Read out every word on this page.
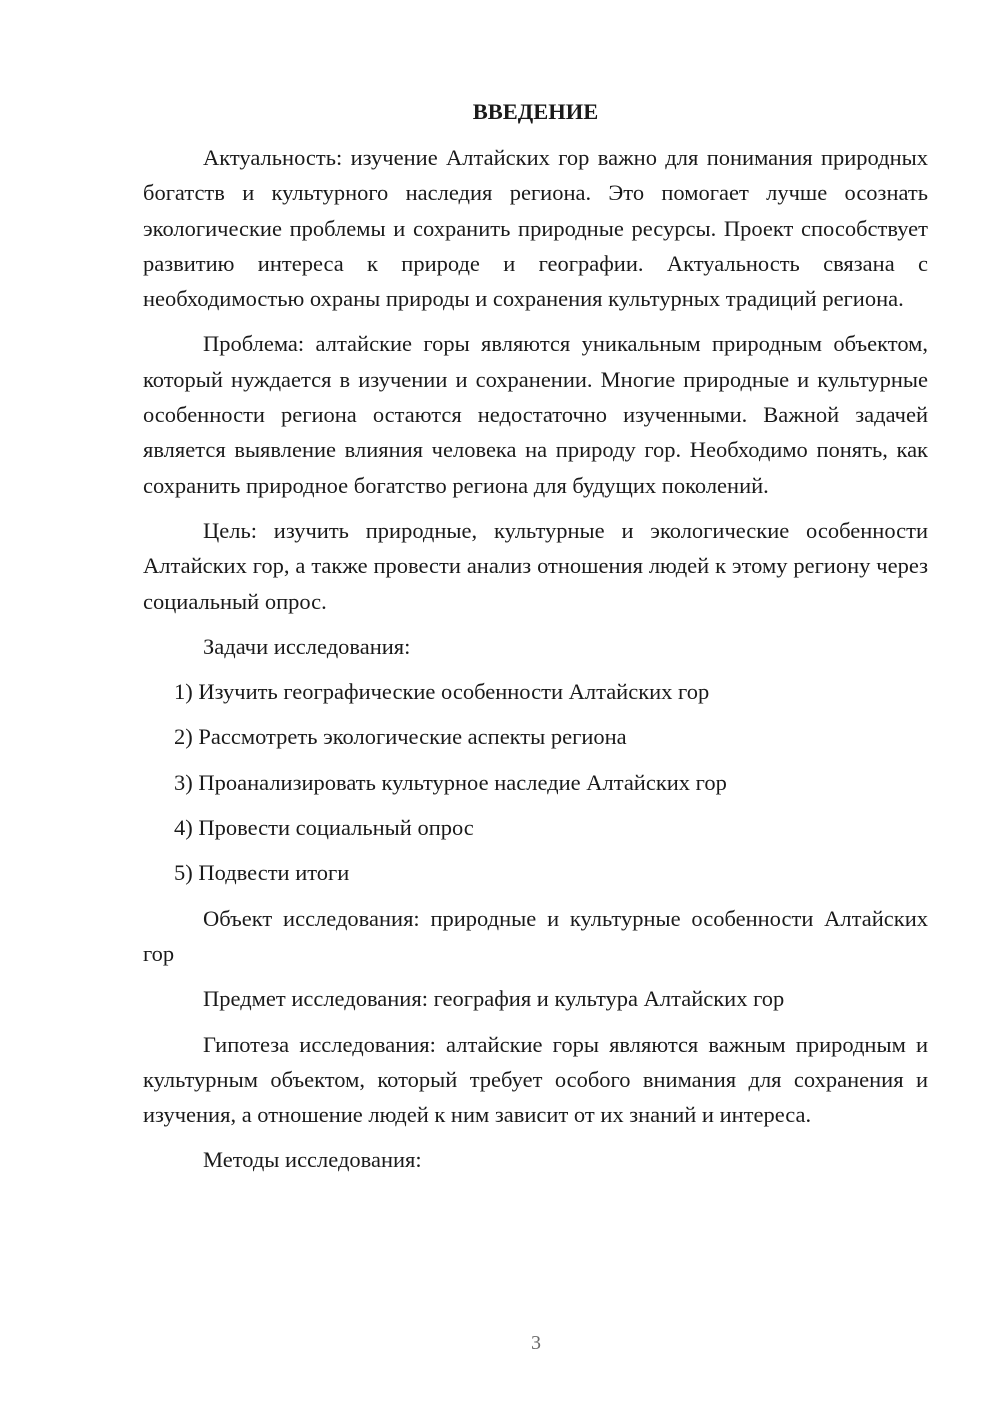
ВВЕДЕНИЕ

Актуальность: изучение Алтайских гор важно для понимания природных богатств и культурного наследия региона. Это помогает лучше осознать экологические проблемы и сохранить природные ресурсы. Проект способствует развитию интереса к природе и географии. Актуальность связана с необходимостью охраны природы и сохранения культурных традиций региона.

Проблема: алтайские горы являются уникальным природным объектом, который нуждается в изучении и сохранении. Многие природные и культурные особенности региона остаются недостаточно изученными. Важной задачей является выявление влияния человека на природу гор. Необходимо понять, как сохранить природное богатство региона для будущих поколений.

Цель: изучить природные, культурные и экологические особенности Алтайских гор, а также провести анализ отношения людей к этому региону через социальный опрос.

Задачи исследования:

1) Изучить географические особенности Алтайских гор
2) Рассмотреть экологические аспекты региона
3) Проанализировать культурное наследие Алтайских гор
4) Провести социальный опрос
5) Подвести итоги

Объект исследования: природные и культурные особенности Алтайских гор

Предмет исследования: география и культура Алтайских гор

Гипотеза исследования: алтайские горы являются важным природным и культурным объектом, который требует особого внимания для сохранения и изучения, а отношение людей к ним зависит от их знаний и интереса.

Методы исследования:

3
